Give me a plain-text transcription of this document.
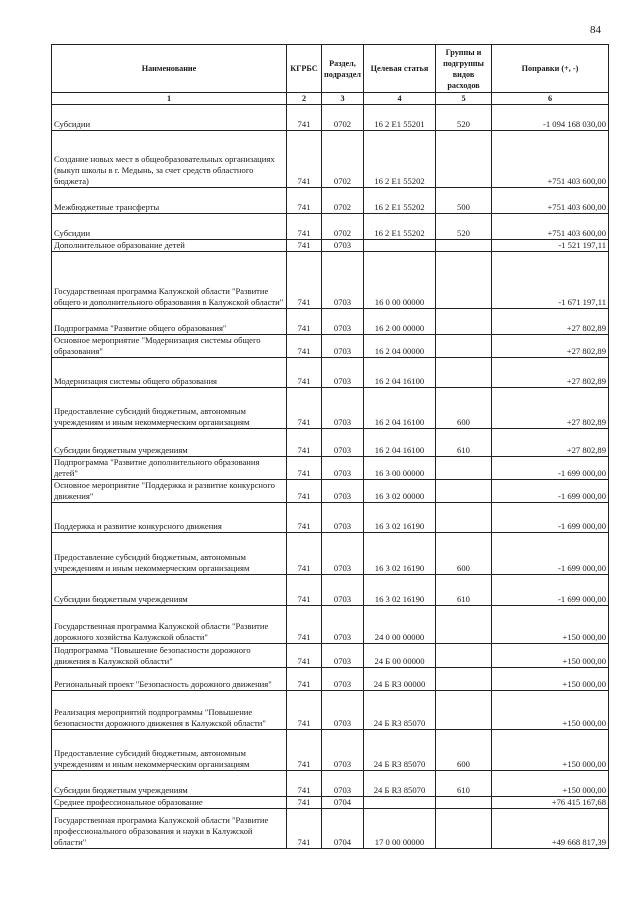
84
Наименование	КГРБС	Раздел, подраздел	Целевая статья	Группы и подгруппы видов расходов	Поправки (+, -)
1	2	3	4	5	6
Субсидии	741	0702	16 2 E1 55201	520	-1 094 168 030,00
Создание новых мест в общеобразовательных организациях (выкуп школы в г. Медынь, за счет средств областного бюджета)	741	0702	16 2 E1 55202		+751 403 600,00
Межбюджетные трансферты	741	0702	16 2 E1 55202	500	+751 403 600,00
Субсидии	741	0702	16 2 E1 55202	520	+751 403 600,00
Дополнительное образование детей	741	0703			-1 521 197,11
Государственная программа Калужской области "Развитие общего и дополнительного образования в Калужской области"	741	0703	16 0 00 00000		-1 671 197,11
Подпрограмма "Развитие общего образования"	741	0703	16 2 00 00000		+27 802,89
Основное мероприятие "Модернизация системы общего образования"	741	0703	16 2 04 00000		+27 802,89
Модернизация системы общего образования	741	0703	16 2 04 16100		+27 802,89
Предоставление субсидий бюджетным, автономным учреждениям и иным некоммерческим организациям	741	0703	16 2 04 16100	600	+27 802,89
Субсидии бюджетным учреждениям	741	0703	16 2 04 16100	610	+27 802,89
Подпрограмма "Развитие дополнительного образования детей"	741	0703	16 3 00 00000		-1 699 000,00
Основное мероприятие "Поддержка и развитие конкурсного движения"	741	0703	16 3 02 00000		-1 699 000,00
Поддержка и развитие конкурсного движения	741	0703	16 3 02 16190		-1 699 000,00
Предоставление субсидий бюджетным, автономным учреждениям и иным некоммерческим организациям	741	0703	16 3 02 16190	600	-1 699 000,00
Субсидии бюджетным учреждениям	741	0703	16 3 02 16190	610	-1 699 000,00
Государственная программа Калужской области "Развитие дорожного хозяйства Калужской области"	741	0703	24 0 00 00000		+150 000,00
Подпрограмма "Повышение безопасности дорожного движения в Калужской области"	741	0703	24 Б 00 00000		+150 000,00
Региональный проект "Безопасность дорожного движения"	741	0703	24 Б R3 00000		+150 000,00
Реализация мероприятий подпрограммы "Повышение безопасности дорожного движения в Калужской области"	741	0703	24 Б R3 85070		+150 000,00
Предоставление субсидий бюджетным, автономным учреждениям и иным некоммерческим организациям	741	0703	24 Б R3 85070	600	+150 000,00
Субсидии бюджетным учреждениям	741	0703	24 Б R3 85070	610	+150 000,00
Среднее профессиональное образование	741	0704			+76 415 167,68
Государственная программа Калужской области "Развитие профессионального образования и науки в Калужской области"	741	0704	17 0 00 00000		+49 668 817,39
